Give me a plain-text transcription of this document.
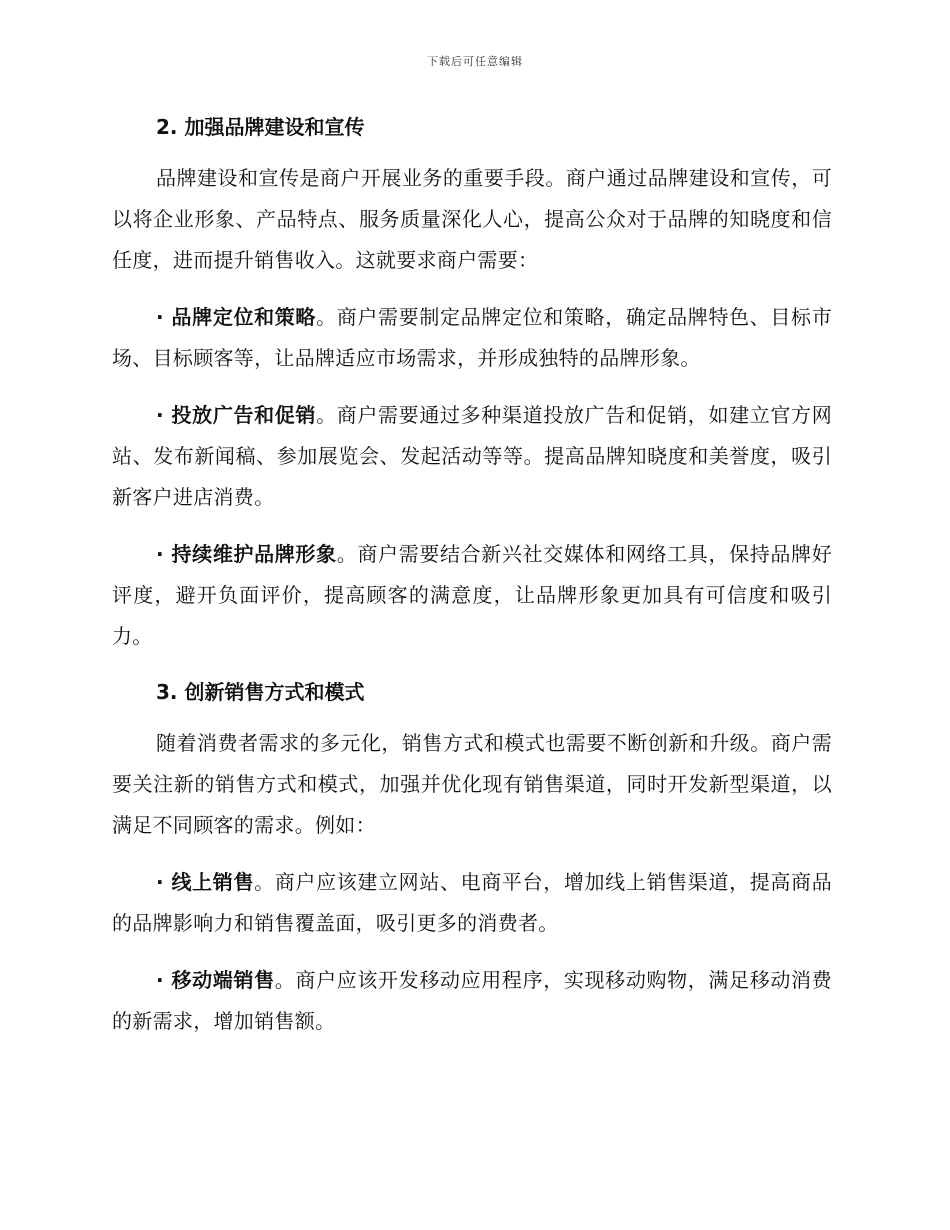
下载后可任意编辑
2. 加强品牌建设和宣传

品牌建设和宣传是商户开展业务的重要手段。商户通过品牌建设和宣传，可以将企业形象、产品特点、服务质量深化人心，提高公众对于品牌的知晓度和信任度，进而提升销售收入。这就要求商户需要：

· 品牌定位和策略。商户需要制定品牌定位和策略，确定品牌特色、目标市场、目标顾客等，让品牌适应市场需求，并形成独特的品牌形象。

· 投放广告和促销。商户需要通过多种渠道投放广告和促销，如建立官方网站、发布新闻稿、参加展览会、发起活动等等。提高品牌知晓度和美誉度，吸引新客户进店消费。

· 持续维护品牌形象。商户需要结合新兴社交媒体和网络工具，保持品牌好评度，避开负面评价，提高顾客的满意度，让品牌形象更加具有可信度和吸引力。

3. 创新销售方式和模式

随着消费者需求的多元化，销售方式和模式也需要不断创新和升级。商户需要关注新的销售方式和模式，加强并优化现有销售渠道，同时开发新型渠道，以满足不同顾客的需求。例如：

· 线上销售。商户应该建立网站、电商平台，增加线上销售渠道，提高商品的品牌影响力和销售覆盖面，吸引更多的消费者。

· 移动端销售。商户应该开发移动应用程序，实现移动购物，满足移动消费的新需求，增加销售额。
